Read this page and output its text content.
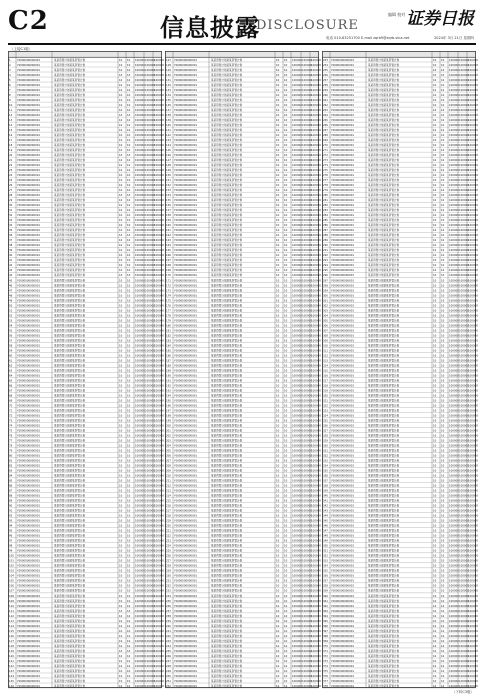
C2	信息披露
DISCLOSURE
编辑 校对 证券日报
电话 010-83251700 E-mail zqrb9@zqrb.sina.net	2024年 3月 21日 星期四
（上接C1版）
1 Y0000000000001	某某资管计划某某资管计划	10 10 100000 100000 100000
2 Y0000000000001	某某资管计划某某资管计划	10 10 100000 100000 100000
3 Y0000000000001	某某资管计划某某资管计划	10 10 100000 100000 100000
4 Y0000000000001	某某资管计划某某资管计划	10 10 100000 100000 100000
5 Y0000000000001	某某资管计划某某资管计划	10 10 100000 100000 100000
6 Y0000000000001	某某资管计划某某资管计划	10 10 100000 100000 100000
7 Y0000000000001	某某资管计划某某资管计划	10 10 100000 100000 100000
8 Y0000000000001	某某资管计划某某资管计划	10 10 100000 100000 100000
9 Y0000000000001	某某资管计划某某资管计划	10 10 100000 100000 100000
10 Y0000000000001	某某资管计划某某资管计划	10 10 100000 100000 100000
11 Y0000000000001	某某资管计划某某资管计划	10 10 100000 100000 100000
12 Y0000000000001	某某资管计划某某资管计划	10 10 100000 100000 100000
13 Y0000000000001	某某资管计划某某资管计划	10 10 100000 100000 100000
14 Y0000000000001	某某资管计划某某资管计划	10 10 100000 100000 100000
15 Y0000000000001	某某资管计划某某资管计划	10 10 100000 100000 100000
16 Y0000000000001	某某资管计划某某资管计划	10 10 100000 100000 100000
17 Y0000000000001	某某资管计划某某资管计划	10 10 100000 100000 100000
18 Y0000000000001	某某资管计划某某资管计划	10 10 100000 100000 100000
19 Y0000000000001	某某资管计划某某资管计划	10 10 100000 100000 100000
20 Y0000000000001	某某资管计划某某资管计划	10 10 100000 100000 100000
21 Y0000000000001	某某资管计划某某资管计划	10 10 100000 100000 100000
22 Y0000000000001	某某资管计划某某资管计划	10 10 100000 100000 100000
23 Y0000000000001	某某资管计划某某资管计划	10 10 100000 100000 100000
24 Y0000000000001	某某资管计划某某资管计划	10 10 100000 100000 100000
25 Y0000000000001	某某资管计划某某资管计划	10 10 100000 100000 100000
26 Y0000000000001	某某资管计划某某资管计划	10 10 100000 100000 100000
27 Y0000000000001	某某资管计划某某资管计划	10 10 100000 100000 100000
28 Y0000000000001	某某资管计划某某资管计划	10 10 100000 100000 100000
29 Y0000000000001	某某资管计划某某资管计划	10 10 100000 100000 100000
30 Y0000000000001	某某资管计划某某资管计划	10 10 100000 100000 100000
31 Y0000000000001	某某资管计划某某资管计划	10 10 100000 100000 100000
32 Y0000000000001	某某资管计划某某资管计划	10 10 100000 100000 100000
33 Y0000000000001	某某资管计划某某资管计划	10 10 100000 100000 100000
34 Y0000000000001	某某资管计划某某资管计划	10 10 100000 100000 100000
35 Y0000000000001	某某资管计划某某资管计划	10 10 100000 100000 100000
36 Y0000000000001	某某资管计划某某资管计划	10 10 100000 100000 100000
37 Y0000000000001	某某资管计划某某资管计划	10 10 100000 100000 100000
38 Y0000000000001	某某资管计划某某资管计划	10 10 100000 100000 100000
39 Y0000000000001	某某资管计划某某资管计划	10 10 100000 100000 100000
40 Y0000000000001	某某资管计划某某资管计划	10 10 100000 100000 100000
41 Y0000000000001	某某资管计划某某资管计划	10 10 100000 100000 100000
42 Y0000000000001	某某资管计划某某资管计划	10 10 100000 100000 100000
43 Y0000000000001	某某资管计划某某资管计划	10 10 100000 100000 100000
44 Y0000000000001	某某资管计划某某资管计划	10 10 100000 100000 100000
45 Y0000000000001	某某资管计划某某资管计划	10 10 100000 100000 100000
46 Y0000000000001	某某资管计划某某资管计划	10 10 100000 100000 100000
47 Y0000000000001	某某资管计划某某资管计划	10 10 100000 100000 100000
48 Y0000000000001	某某资管计划某某资管计划	10 10 100000 100000 100000
49 Y0000000000001	某某资管计划某某资管计划	10 10 100000 100000 100000
50 Y0000000000001	某某资管计划某某资管计划	10 10 100000 100000 100000
51 Y0000000000001	某某资管计划某某资管计划	10 10 100000 100000 100000
52 Y0000000000001	某某资管计划某某资管计划	10 10 100000 100000 100000
53 Y0000000000001	某某资管计划某某资管计划	10 10 100000 100000 100000
54 Y0000000000001	某某资管计划某某资管计划	10 10 100000 100000 100000
55 Y0000000000001	某某资管计划某某资管计划	10 10 100000 100000 100000
56 Y0000000000001	某某资管计划某某资管计划	10 10 100000 100000 100000
57 Y0000000000001	某某资管计划某某资管计划	10 10 100000 100000 100000
58 Y0000000000001	某某资管计划某某资管计划	10 10 100000 100000 100000
59 Y0000000000001	某某资管计划某某资管计划	10 10 100000 100000 100000
60 Y0000000000001	某某资管计划某某资管计划	10 10 100000 100000 100000
61 Y0000000000001	某某资管计划某某资管计划	10 10 100000 100000 100000
62 Y0000000000001	某某资管计划某某资管计划	10 10 100000 100000 100000
63 Y0000000000001	某某资管计划某某资管计划	10 10 100000 100000 100000
64 Y0000000000001	某某资管计划某某资管计划	10 10 100000 100000 100000
65 Y0000000000001	某某资管计划某某资管计划	10 10 100000 100000 100000
66 Y0000000000001	某某资管计划某某资管计划	10 10 100000 100000 100000
67 Y0000000000001	某某资管计划某某资管计划	10 10 100000 100000 100000
68 Y0000000000001	某某资管计划某某资管计划	10 10 100000 100000 100000
69 Y0000000000001	某某资管计划某某资管计划	10 10 100000 100000 100000
70 Y0000000000001	某某资管计划某某资管计划	10 10 100000 100000 100000
71 Y0000000000001	某某资管计划某某资管计划	10 10 100000 100000 100000
72 Y0000000000001	某某资管计划某某资管计划	10 10 100000 100000 100000
73 Y0000000000001	某某资管计划某某资管计划	10 10 100000 100000 100000
74 Y0000000000001	某某资管计划某某资管计划	10 10 100000 100000 100000
75 Y0000000000001	某某资管计划某某资管计划	10 10 100000 100000 100000
76 Y0000000000001	某某资管计划某某资管计划	10 10 100000 100000 100000
77 Y0000000000001	某某资管计划某某资管计划	10 10 100000 100000 100000
78 Y0000000000001	某某资管计划某某资管计划	10 10 100000 100000 100000
79 Y0000000000001	某某资管计划某某资管计划	10 10 100000 100000 100000
80 Y0000000000001	某某资管计划某某资管计划	10 10 100000 100000 100000
81 Y0000000000001	某某资管计划某某资管计划	10 10 100000 100000 100000
82 Y0000000000001	某某资管计划某某资管计划	10 10 100000 100000 100000
83 Y0000000000001	某某资管计划某某资管计划	10 10 100000 100000 100000
84 Y0000000000001	某某资管计划某某资管计划	10 10 100000 100000 100000
85 Y0000000000001	某某资管计划某某资管计划	10 10 100000 100000 100000
86 Y0000000000001	某某资管计划某某资管计划	10 10 100000 100000 100000
87 Y0000000000001	某某资管计划某某资管计划	10 10 100000 100000 100000
88 Y0000000000001	某某资管计划某某资管计划	10 10 100000 100000 100000
89 Y0000000000001	某某资管计划某某资管计划	10 10 100000 100000 100000
90 Y0000000000001	某某资管计划某某资管计划	10 10 100000 100000 100000
91 Y0000000000001	某某资管计划某某资管计划	10 10 100000 100000 100000
92 Y0000000000001	某某资管计划某某资管计划	10 10 100000 100000 100000
93 Y0000000000001	某某资管计划某某资管计划	10 10 100000 100000 100000
94 Y0000000000001	某某资管计划某某资管计划	10 10 100000 100000 100000
95 Y0000000000001	某某资管计划某某资管计划	10 10 100000 100000 100000
96 Y0000000000001	某某资管计划某某资管计划	10 10 100000 100000 100000
97 Y0000000000001	某某资管计划某某资管计划	10 10 100000 100000 100000
98 Y0000000000001	某某资管计划某某资管计划	10 10 100000 100000 100000
99 Y0000000000001	某某资管计划某某资管计划	10 10 100000 100000 100000
100 Y0000000000001	某某资管计划某某资管计划	10 10 100000 100000 100000
101 Y0000000000001	某某资管计划某某资管计划	10 10 100000 100000 100000
102 Y0000000000001	某某资管计划某某资管计划	10 10 100000 100000 100000
103 Y0000000000001	某某资管计划某某资管计划	10 10 100000 100000 100000
104 Y0000000000001	某某资管计划某某资管计划	10 10 100000 100000 100000
105 Y0000000000001	某某资管计划某某资管计划	10 10 100000 100000 100000
106 Y0000000000001	某某资管计划某某资管计划	10 10 100000 100000 100000
107 Y0000000000001	某某资管计划某某资管计划	10 10 100000 100000 100000
108 Y0000000000001	某某资管计划某某资管计划	10 10 100000 100000 100000
109 Y0000000000001	某某资管计划某某资管计划	10 10 100000 100000 100000
110 Y0000000000001	某某资管计划某某资管计划	10 10 100000 100000 100000
111 Y0000000000001	某某资管计划某某资管计划	10 10 100000 100000 100000
112 Y0000000000001	某某资管计划某某资管计划	10 10 100000 100000 100000
113 Y0000000000001	某某资管计划某某资管计划	10 10 100000 100000 100000
114 Y0000000000001	某某资管计划某某资管计划	10 10 100000 100000 100000
115 Y0000000000001	某某资管计划某某资管计划	10 10 100000 100000 100000
116 Y0000000000001	某某资管计划某某资管计划	10 10 100000 100000 100000
117 Y0000000000001	某某资管计划某某资管计划	10 10 100000 100000 100000
118 Y0000000000001	某某资管计划某某资管计划	10 10 100000 100000 100000
119 Y0000000000001	某某资管计划某某资管计划	10 10 100000 100000 100000
120 Y0000000000001	某某资管计划某某资管计划	10 10 100000 100000 100000
121 Y0000000000001	某某资管计划某某资管计划	10 10 100000 100000 100000
122 Y0000000000001	某某资管计划某某资管计划	10 10 100000 100000 100000
123 Y0000000000001	某某资管计划某某资管计划	10 10 100000 100000 100000
124 Y0000000000001	某某资管计划某某资管计划	10 10 100000 100000 100000
125 Y0000000000001	某某资管计划某某资管计划	10 10 100000 100000 100000
126 Y0000000000001	某某资管计划某某资管计划	10 10 100000 100000 100000
127 Y0000000000001	某某资管计划某某资管计划	10 10 100000 100000 100000
128 Y0000000000001	某某资管计划某某资管计划	10 10 100000 100000 100000
129 Y0000000000001	某某资管计划某某资管计划	10 10 100000 100000 100000
130 Y0000000000001	某某资管计划某某资管计划	10 10 100000 100000 100000
131 Y0000000000001	某某资管计划某某资管计划	10 10 100000 100000 100000
132 Y0000000000001	某某资管计划某某资管计划	10 10 100000 100000 100000
133 Y0000000000001	某某资管计划某某资管计划	10 10 100000 100000 100000
134 Y0000000000001	某某资管计划某某资管计划	10 10 100000 100000 100000
135 Y0000000000001	某某资管计划某某资管计划	10 10 100000 100000 100000
136 Y0000000000001	某某资管计划某某资管计划	10 10 100000 100000 100000
137 Y0000000000001	某某资管计划某某资管计划	10 10 100000 100000 100000
138 Y0000000000001	某某资管计划某某资管计划	10 10 100000 100000 100000
139 Y0000000000001	某某资管计划某某资管计划	10 10 100000 100000 100000
140 Y0000000000001	某某资管计划某某资管计划	10 10 100000 100000 100000
141 Y0000000000001	某某资管计划某某资管计划	10 10 100000 100000 100000
142 Y0000000000001	某某资管计划某某资管计划	10 10 100000 100000 100000
143 Y0000000000001	某某资管计划某某资管计划	10 10 100000 100000 100000
144 Y0000000000001	某某资管计划某某资管计划	10 10 100000 100000 100000
145 Y0000000000001	某某资管计划某某资管计划	10 10 100000 100000 100000
146 Y0000000000001	某某资管计划某某资管计划	10 10 100000 100000 100000
147 Y0000000000001	某某资管计划某某资管计划	10 10 100000 100000 100000
148 Y0000000000001	某某资管计划某某资管计划	10 10 100000 100000 100000
149 Y0000000000001	某某资管计划某某资管计划	10 10 100000 100000 100000
150 Y0000000000001	某某资管计划某某资管计划	10 10 100000 100000 100000
151 Y0000000000001	某某资管计划某某资管计划	10 10 100000 100000 100000
152 Y0000000000001	某某资管计划某某资管计划	10 10 100000 100000 100000
153 Y0000000000001	某某资管计划某某资管计划	10 10 100000 100000 100000
154 Y0000000000001	某某资管计划某某资管计划	10 10 100000 100000 100000
155 Y0000000000001	某某资管计划某某资管计划	10 10 100000 100000 100000
156 Y0000000000001	某某资管计划某某资管计划	10 10 100000 100000 100000
157 Y0000000000001	某某资管计划某某资管计划	10 10 100000 100000 100000
158 Y0000000000001	某某资管计划某某资管计划	10 10 100000 100000 100000
159 Y0000000000001	某某资管计划某某资管计划	10 10 100000 100000 100000
160 Y0000000000001	某某资管计划某某资管计划	10 10 100000 100000 100000
161 Y0000000000001	某某资管计划某某资管计划	10 10 100000 100000 100000
162 Y0000000000001	某某资管计划某某资管计划	10 10 100000 100000 100000
163 Y0000000000001	某某资管计划某某资管计划	10 10 100000 100000 100000
164 Y0000000000001	某某资管计划某某资管计划	10 10 100000 100000 100000
165 Y0000000000001	某某资管计划某某资管计划	10 10 100000 100000 100000
166 Y0000000000001	某某资管计划某某资管计划	10 10 100000 100000 100000
167 Y0000000000001	某某资管计划某某资管计划	10 10 100000 100000 100000
168 Y0000000000001	某某资管计划某某资管计划	10 10 100000 100000 100000
169 Y0000000000001	某某资管计划某某资管计划	10 10 100000 100000 100000
170 Y0000000000001	某某资管计划某某资管计划	10 10 100000 100000 100000
171 Y0000000000001	某某资管计划某某资管计划	10 10 100000 100000 100000
172 Y0000000000001	某某资管计划某某资管计划	10 10 100000 100000 100000
173 Y0000000000001	某某资管计划某某资管计划	10 10 100000 100000 100000
174 Y0000000000001	某某资管计划某某资管计划	10 10 100000 100000 100000
175 Y0000000000001	某某资管计划某某资管计划	10 10 100000 100000 100000
176 Y0000000000001	某某资管计划某某资管计划	10 10 100000 100000 100000
177 Y0000000000001	某某资管计划某某资管计划	10 10 100000 100000 100000
178 Y0000000000001	某某资管计划某某资管计划	10 10 100000 100000 100000
179 Y0000000000001	某某资管计划某某资管计划	10 10 100000 100000 100000
180 Y0000000000001	某某资管计划某某资管计划	10 10 100000 100000 100000
181 Y0000000000001	某某资管计划某某资管计划	10 10 100000 100000 100000
182 Y0000000000001	某某资管计划某某资管计划	10 10 100000 100000 100000
183 Y0000000000001	某某资管计划某某资管计划	10 10 100000 100000 100000
184 Y0000000000001	某某资管计划某某资管计划	10 10 100000 100000 100000
185 Y0000000000001	某某资管计划某某资管计划	10 10 100000 100000 100000
186 Y0000000000001	某某资管计划某某资管计划	10 10 100000 100000 100000
187 Y0000000000001	某某资管计划某某资管计划	10 10 100000 100000 100000
188 Y0000000000001	某某资管计划某某资管计划	10 10 100000 100000 100000
189 Y0000000000001	某某资管计划某某资管计划	10 10 100000 100000 100000
190 Y0000000000001	某某资管计划某某资管计划	10 10 100000 100000 100000
191 Y0000000000001	某某资管计划某某资管计划	10 10 100000 100000 100000
192 Y0000000000001	某某资管计划某某资管计划	10 10 100000 100000 100000
193 Y0000000000001	某某资管计划某某资管计划	10 10 100000 100000 100000
194 Y0000000000001	某某资管计划某某资管计划	10 10 100000 100000 100000
195 Y0000000000001	某某资管计划某某资管计划	10 10 100000 100000 100000
196 Y0000000000001	某某资管计划某某资管计划	10 10 100000 100000 100000
197 Y0000000000001	某某资管计划某某资管计划	10 10 100000 100000 100000
198 Y0000000000001	某某资管计划某某资管计划	10 10 100000 100000 100000
199 Y0000000000001	某某资管计划某某资管计划	10 10 100000 100000 100000
200 Y0000000000001	某某资管计划某某资管计划	10 10 100000 100000 100000
201 Y0000000000001	某某资管计划某某资管计划	10 10 100000 100000 100000
202 Y0000000000001	某某资管计划某某资管计划	10 10 100000 100000 100000
203 Y0000000000001	某某资管计划某某资管计划	10 10 100000 100000 100000
204 Y0000000000001	某某资管计划某某资管计划	10 10 100000 100000 100000
205 Y0000000000001	某某资管计划某某资管计划	10 10 100000 100000 100000
206 Y0000000000001	某某资管计划某某资管计划	10 10 100000 100000 100000
207 Y0000000000001	某某资管计划某某资管计划	10 10 100000 100000 100000
208 Y0000000000001	某某资管计划某某资管计划	10 10 100000 100000 100000
209 Y0000000000001	某某资管计划某某资管计划	10 10 100000 100000 100000
210 Y0000000000001	某某资管计划某某资管计划	10 10 100000 100000 100000
211 Y0000000000001	某某资管计划某某资管计划	10 10 100000 100000 100000
212 Y0000000000001	某某资管计划某某资管计划	10 10 100000 100000 100000
213 Y0000000000001	某某资管计划某某资管计划	10 10 100000 100000 100000
214 Y0000000000001	某某资管计划某某资管计划	10 10 100000 100000 100000
215 Y0000000000001	某某资管计划某某资管计划	10 10 100000 100000 100000
216 Y0000000000001	某某资管计划某某资管计划	10 10 100000 100000 100000
217 Y0000000000001	某某资管计划某某资管计划	10 10 100000 100000 100000
218 Y0000000000001	某某资管计划某某资管计划	10 10 100000 100000 100000
219 Y0000000000001	某某资管计划某某资管计划	10 10 100000 100000 100000
220 Y0000000000001	某某资管计划某某资管计划	10 10 100000 100000 100000
221 Y0000000000001	某某资管计划某某资管计划	10 10 100000 100000 100000
222 Y0000000000001	某某资管计划某某资管计划	10 10 100000 100000 100000
223 Y0000000000001	某某资管计划某某资管计划	10 10 100000 100000 100000
224 Y0000000000001	某某资管计划某某资管计划	10 10 100000 100000 100000
225 Y0000000000001	某某资管计划某某资管计划	10 10 100000 100000 100000
226 Y0000000000001	某某资管计划某某资管计划	10 10 100000 100000 100000
227 Y0000000000001	某某资管计划某某资管计划	10 10 100000 100000 100000
228 Y0000000000001	某某资管计划某某资管计划	10 10 100000 100000 100000
229 Y0000000000001	某某资管计划某某资管计划	10 10 100000 100000 100000
230 Y0000000000001	某某资管计划某某资管计划	10 10 100000 100000 100000
231 Y0000000000001	某某资管计划某某资管计划	10 10 100000 100000 100000
232 Y0000000000001	某某资管计划某某资管计划	10 10 100000 100000 100000
233 Y0000000000001	某某资管计划某某资管计划	10 10 100000 100000 100000
234 Y0000000000001	某某资管计划某某资管计划	10 10 100000 100000 100000
235 Y0000000000001	某某资管计划某某资管计划	10 10 100000 100000 100000
236 Y0000000000001	某某资管计划某某资管计划	10 10 100000 100000 100000
237 Y0000000000001	某某资管计划某某资管计划	10 10 100000 100000 100000
238 Y0000000000001	某某资管计划某某资管计划	10 10 100000 100000 100000
239 Y0000000000001	某某资管计划某某资管计划	10 10 100000 100000 100000
240 Y0000000000001	某某资管计划某某资管计划	10 10 100000 100000 100000
241 Y0000000000001	某某资管计划某某资管计划	10 10 100000 100000 100000
242 Y0000000000001	某某资管计划某某资管计划	10 10 100000 100000 100000
243 Y0000000000001	某某资管计划某某资管计划	10 10 100000 100000 100000
244 Y0000000000001	某某资管计划某某资管计划	10 10 100000 100000 100000
245 Y0000000000001	某某资管计划某某资管计划	10 10 100000 100000 100000
246 Y0000000000001	某某资管计划某某资管计划	10 10 100000 100000 100000
247 Y0000000000001	某某资管计划某某资管计划	10 10 100000 100000 100000
248 Y0000000000001	某某资管计划某某资管计划	10 10 100000 100000 100000
249 Y0000000000001	某某资管计划某某资管计划	10 10 100000 100000 100000
250 Y0000000000001	某某资管计划某某资管计划	10 10 100000 100000 100000
251 Y0000000000001	某某资管计划某某资管计划	10 10 100000 100000 100000
252 Y0000000000001	某某资管计划某某资管计划	10 10 100000 100000 100000
253 Y0000000000001	某某资管计划某某资管计划	10 10 100000 100000 100000
254 Y0000000000001	某某资管计划某某资管计划	10 10 100000 100000 100000
255 Y0000000000001	某某资管计划某某资管计划	10 10 100000 100000 100000
256 Y0000000000001	某某资管计划某某资管计划	10 10 100000 100000 100000
257 Y0000000000001	某某资管计划某某资管计划	10 10 100000 100000 100000
258 Y0000000000001	某某资管计划某某资管计划	10 10 100000 100000 100000
259 Y0000000000001	某某资管计划某某资管计划	10 10 100000 100000 100000
260 Y0000000000001	某某资管计划某某资管计划	10 10 100000 100000 100000
261 Y0000000000001	某某资管计划某某资管计划	10 10 100000 100000 100000
262 Y0000000000001	某某资管计划某某资管计划	10 10 100000 100000 100000
263 Y0000000000001	某某资管计划某某资管计划	10 10 100000 100000 100000
264 Y0000000000001	某某资管计划某某资管计划	10 10 100000 100000 100000
265 Y0000000000001	某某资管计划某某资管计划	10 10 100000 100000 100000
266 Y0000000000001	某某资管计划某某资管计划	10 10 100000 100000 100000
267 Y0000000000001	某某资管计划某某资管计划	10 10 100000 100000 100000
268 Y0000000000001	某某资管计划某某资管计划	10 10 100000 100000 100000
269 Y0000000000001	某某资管计划某某资管计划	10 10 100000 100000 100000
270 Y0000000000001	某某资管计划某某资管计划	10 10 100000 100000 100000
271 Y0000000000001	某某资管计划某某资管计划	10 10 100000 100000 100000
272 Y0000000000001	某某资管计划某某资管计划	10 10 100000 100000 100000
273 Y0000000000001	某某资管计划某某资管计划	10 10 100000 100000 100000
274 Y0000000000001	某某资管计划某某资管计划	10 10 100000 100000 100000
275 Y0000000000001	某某资管计划某某资管计划	10 10 100000 100000 100000
276 Y0000000000001	某某资管计划某某资管计划	10 10 100000 100000 100000
277 Y0000000000001	某某资管计划某某资管计划	10 10 100000 100000 100000
278 Y0000000000001	某某资管计划某某资管计划	10 10 100000 100000 100000
279 Y0000000000001	某某资管计划某某资管计划	10 10 100000 100000 100000
280 Y0000000000001	某某资管计划某某资管计划	10 10 100000 100000 100000
281 Y0000000000001	某某资管计划某某资管计划	10 10 100000 100000 100000
282 Y0000000000001	某某资管计划某某资管计划	10 10 100000 100000 100000
283 Y0000000000001	某某资管计划某某资管计划	10 10 100000 100000 100000
284 Y0000000000001	某某资管计划某某资管计划	10 10 100000 100000 100000
285 Y0000000000001	某某资管计划某某资管计划	10 10 100000 100000 100000
286 Y0000000000001	某某资管计划某某资管计划	10 10 100000 100000 100000
287 Y0000000000001	某某资管计划某某资管计划	10 10 100000 100000 100000
288 Y0000000000001	某某资管计划某某资管计划	10 10 100000 100000 100000
289 Y0000000000001	某某资管计划某某资管计划	10 10 100000 100000 100000
290 Y0000000000001	某某资管计划某某资管计划	10 10 100000 100000 100000
291 Y0000000000001	某某资管计划某某资管计划	10 10 100000 100000 100000
292 Y0000000000001	某某资管计划某某资管计划	10 10 100000 100000 100000
293 Y0000000000001	某某资管计划某某资管计划	10 10 100000 100000 100000
294 Y0000000000001	某某资管计划某某资管计划	10 10 100000 100000 100000
295 Y0000000000001	某某资管计划某某资管计划	10 10 100000 100000 100000
296 Y0000000000001	某某资管计划某某资管计划	10 10 100000 100000 100000
297 Y0000000000001	某某资管计划某某资管计划	10 10 100000 100000 100000
298 Y0000000000001	某某资管计划某某资管计划	10 10 100000 100000 100000
299 Y0000000000001	某某资管计划某某资管计划	10 10 100000 100000 100000
300 Y0000000000001	某某资管计划某某资管计划	10 10 100000 100000 100000
301 Y0000000000001	某某资管计划某某资管计划	10 10 100000 100000 100000
302 Y0000000000001	某某资管计划某某资管计划	10 10 100000 100000 100000
303 Y0000000000001	某某资管计划某某资管计划	10 10 100000 100000 100000
304 Y0000000000001	某某资管计划某某资管计划	10 10 100000 100000 100000
305 Y0000000000001	某某资管计划某某资管计划	10 10 100000 100000 100000
306 Y0000000000001	某某资管计划某某资管计划	10 10 100000 100000 100000
307 Y0000000000001	某某资管计划某某资管计划	10 10 100000 100000 100000
308 Y0000000000001	某某资管计划某某资管计划	10 10 100000 100000 100000
309 Y0000000000001	某某资管计划某某资管计划	10 10 100000 100000 100000
310 Y0000000000001	某某资管计划某某资管计划	10 10 100000 100000 100000
311 Y0000000000001	某某资管计划某某资管计划	10 10 100000 100000 100000
312 Y0000000000001	某某资管计划某某资管计划	10 10 100000 100000 100000
313 Y0000000000001	某某资管计划某某资管计划	10 10 100000 100000 100000
314 Y0000000000001	某某资管计划某某资管计划	10 10 100000 100000 100000
315 Y0000000000001	某某资管计划某某资管计划	10 10 100000 100000 100000
316 Y0000000000001	某某资管计划某某资管计划	10 10 100000 100000 100000
317 Y0000000000001	某某资管计划某某资管计划	10 10 100000 100000 100000
318 Y0000000000001	某某资管计划某某资管计划	10 10 100000 100000 100000
319 Y0000000000001	某某资管计划某某资管计划	10 10 100000 100000 100000
320 Y0000000000001	某某资管计划某某资管计划	10 10 100000 100000 100000
321 Y0000000000001	某某资管计划某某资管计划	10 10 100000 100000 100000
322 Y0000000000001	某某资管计划某某资管计划	10 10 100000 100000 100000
323 Y0000000000001	某某资管计划某某资管计划	10 10 100000 100000 100000
324 Y0000000000001	某某资管计划某某资管计划	10 10 100000 100000 100000
325 Y0000000000001	某某资管计划某某资管计划	10 10 100000 100000 100000
326 Y0000000000001	某某资管计划某某资管计划	10 10 100000 100000 100000
327 Y0000000000001	某某资管计划某某资管计划	10 10 100000 100000 100000
328 Y0000000000001	某某资管计划某某资管计划	10 10 100000 100000 100000
329 Y0000000000001	某某资管计划某某资管计划	10 10 100000 100000 100000
330 Y0000000000001	某某资管计划某某资管计划	10 10 100000 100000 100000
331 Y0000000000001	某某资管计划某某资管计划	10 10 100000 100000 100000
332 Y0000000000001	某某资管计划某某资管计划	10 10 100000 100000 100000
333 Y0000000000001	某某资管计划某某资管计划	10 10 100000 100000 100000
334 Y0000000000001	某某资管计划某某资管计划	10 10 100000 100000 100000
335 Y0000000000001	某某资管计划某某资管计划	10 10 100000 100000 100000
336 Y0000000000001	某某资管计划某某资管计划	10 10 100000 100000 100000
337 Y0000000000001	某某资管计划某某资管计划	10 10 100000 100000 100000
338 Y0000000000001	某某资管计划某某资管计划	10 10 100000 100000 100000
339 Y0000000000001	某某资管计划某某资管计划	10 10 100000 100000 100000
340 Y0000000000001	某某资管计划某某资管计划	10 10 100000 100000 100000
341 Y0000000000001	某某资管计划某某资管计划	10 10 100000 100000 100000
342 Y0000000000001	某某资管计划某某资管计划	10 10 100000 100000 100000
343 Y0000000000001	某某资管计划某某资管计划	10 10 100000 100000 100000
344 Y0000000000001	某某资管计划某某资管计划	10 10 100000 100000 100000
345 Y0000000000001	某某资管计划某某资管计划	10 10 100000 100000 100000
346 Y0000000000001	某某资管计划某某资管计划	10 10 100000 100000 100000
347 Y0000000000001	某某资管计划某某资管计划	10 10 100000 100000 100000
348 Y0000000000001	某某资管计划某某资管计划	10 10 100000 100000 100000
349 Y0000000000001	某某资管计划某某资管计划	10 10 100000 100000 100000
350 Y0000000000001	某某资管计划某某资管计划	10 10 100000 100000 100000
351 Y0000000000001	某某资管计划某某资管计划	10 10 100000 100000 100000
352 Y0000000000001	某某资管计划某某资管计划	10 10 100000 100000 100000
353 Y0000000000001	某某资管计划某某资管计划	10 10 100000 100000 100000
354 Y0000000000001	某某资管计划某某资管计划	10 10 100000 100000 100000
355 Y0000000000001	某某资管计划某某资管计划	10 10 100000 100000 100000
356 Y0000000000001	某某资管计划某某资管计划	10 10 100000 100000 100000
357 Y0000000000001	某某资管计划某某资管计划	10 10 100000 100000 100000
358 Y0000000000001	某某资管计划某某资管计划	10 10 100000 100000 100000
359 Y0000000000001	某某资管计划某某资管计划	10 10 100000 100000 100000
360 Y0000000000001	某某资管计划某某资管计划	10 10 100000 100000 100000
361 Y0000000000001	某某资管计划某某资管计划	10 10 100000 100000 100000
362 Y0000000000001	某某资管计划某某资管计划	10 10 100000 100000 100000
363 Y0000000000001	某某资管计划某某资管计划	10 10 100000 100000 100000
364 Y0000000000001	某某资管计划某某资管计划	10 10 100000 100000 100000
365 Y0000000000001	某某资管计划某某资管计划	10 10 100000 100000 100000
366 Y0000000000001	某某资管计划某某资管计划	10 10 100000 100000 100000
367 Y0000000000001	某某资管计划某某资管计划	10 10 100000 100000 100000
368 Y0000000000001	某某资管计划某某资管计划	10 10 100000 100000 100000
369 Y0000000000001	某某资管计划某某资管计划	10 10 100000 100000 100000
370 Y0000000000001	某某资管计划某某资管计划	10 10 100000 100000 100000
371 Y0000000000001	某某资管计划某某资管计划	10 10 100000 100000 100000
372 Y0000000000001	某某资管计划某某资管计划	10 10 100000 100000 100000
373 Y0000000000001	某某资管计划某某资管计划	10 10 100000 100000 100000
374 Y0000000000001	某某资管计划某某资管计划	10 10 100000 100000 100000
375 Y0000000000001	某某资管计划某某资管计划	10 10 100000 100000 100000
376 Y0000000000001	某某资管计划某某资管计划	10 10 100000 100000 100000
377 Y0000000000001	某某资管计划某某资管计划	10 10 100000 100000 100000
378 Y0000000000001	某某资管计划某某资管计划	10 10 100000 100000 100000
（下转C3版）
